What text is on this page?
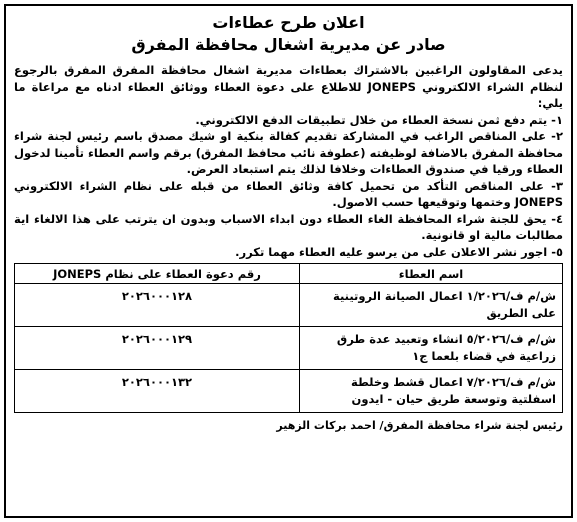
اعلان طرح عطاءات
صادر عن مديرية اشغال محافظة المفرق

يدعى المقاولون الراغبين بالاشتراك بعطاءات مديرية اشغال محافظة المفرق المفرق بالرجوع لنظام الشراء الالكتروني JONEPS للاطلاع على دعوة العطاء ووثائق العطاء ادناه مع مراعاة ما يلي:

١- يتم دفع ثمن نسخة العطاء من خلال تطبيقات الدفع الالكتروني.

٢- على المناقص الراغب في المشاركة تقديم كفالة بنكية او شيك مصدق باسم رئيس لجنة شراء محافظة المفرق بالاضافة لوظيفته (عطوفة نائب محافظ المفرق) برقم واسم العطاء تأمينا لدخول العطاء ورقيا في صندوق العطاءات وخلافا لذلك يتم استبعاد العرض.

٣- على المناقص التأكد من تحميل كافة وثائق العطاء من قبله على نظام الشراء الالكتروني JONEPS وختمها وتوقيعها حسب الاصول.

٤- يحق للجنة شراء المحافظة الغاء العطاء دون ابداء الاسباب وبدون ان يترتب على هذا الالغاء اية مطالبات مالية او قانونية.

٥- اجور نشر الاعلان على من يرسو عليه العطاء مهما تكرر.

اسم العطاء	رقم دعوة العطاء على نظام JONEPS
ش/م ف/١/٢٠٢٦ اعمال الصيانة الروتينية على الطريق	٢٠٢٦٠٠٠١٢٨
ش/م ف/٥/٢٠٢٦ انشاء وتعبيد عدة طرق زراعية في قضاء بلعما ج١	٢٠٢٦٠٠٠١٢٩
ش/م ف/٧/٢٠٢٦ اعمال قشط وخلطة اسفلتية وتوسعة طريق حيان - ايدون	٢٠٢٦٠٠٠١٣٢
رئيس لجنة شراء محافظة المفرق/ احمد بركات الزهير
